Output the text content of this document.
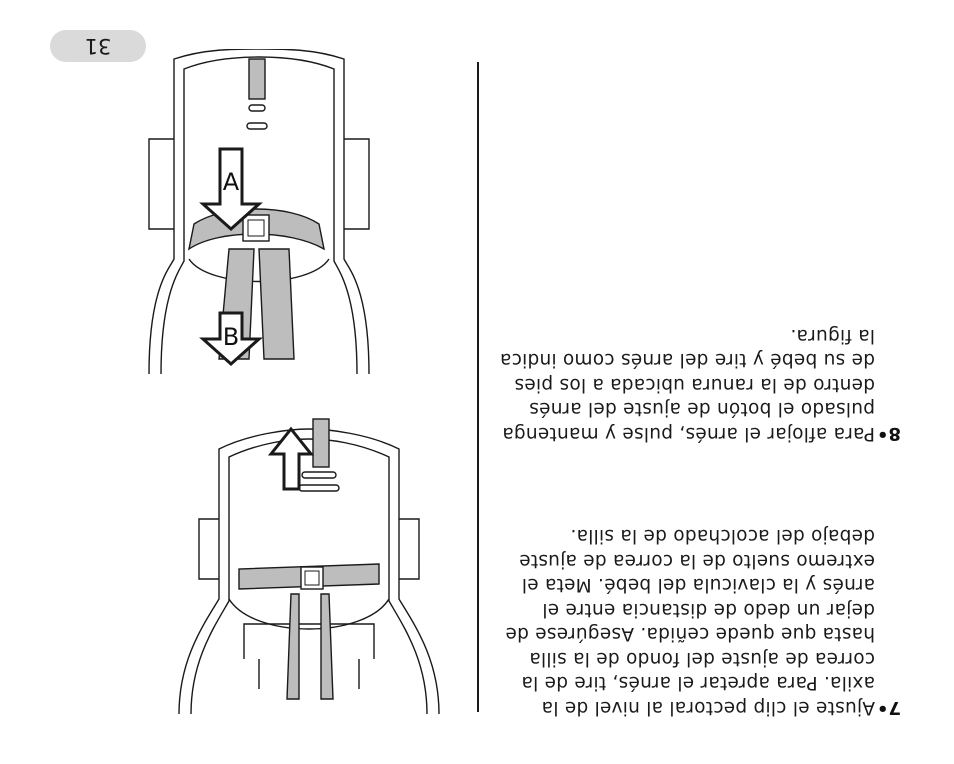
31
7•
Ajuste el clip pectoral al nivel de la axila. Para apretar el arnés, tire de la correa de ajuste del fondo de la silla hasta que quede ceñida. Asegúrese de dejar un dedo de distancia entre el arnés y la clavicula del bebé. Meta el extremo suelto de la correa de ajuste debajo del acolchado de la silla.
8•
Para aflojar el arnés, pulse y mantenga pulsado el botón de ajuste del arnés dentro de la ranura ubicada a los pies de su bebé y tire del arnés como indica la figura.
A
B
